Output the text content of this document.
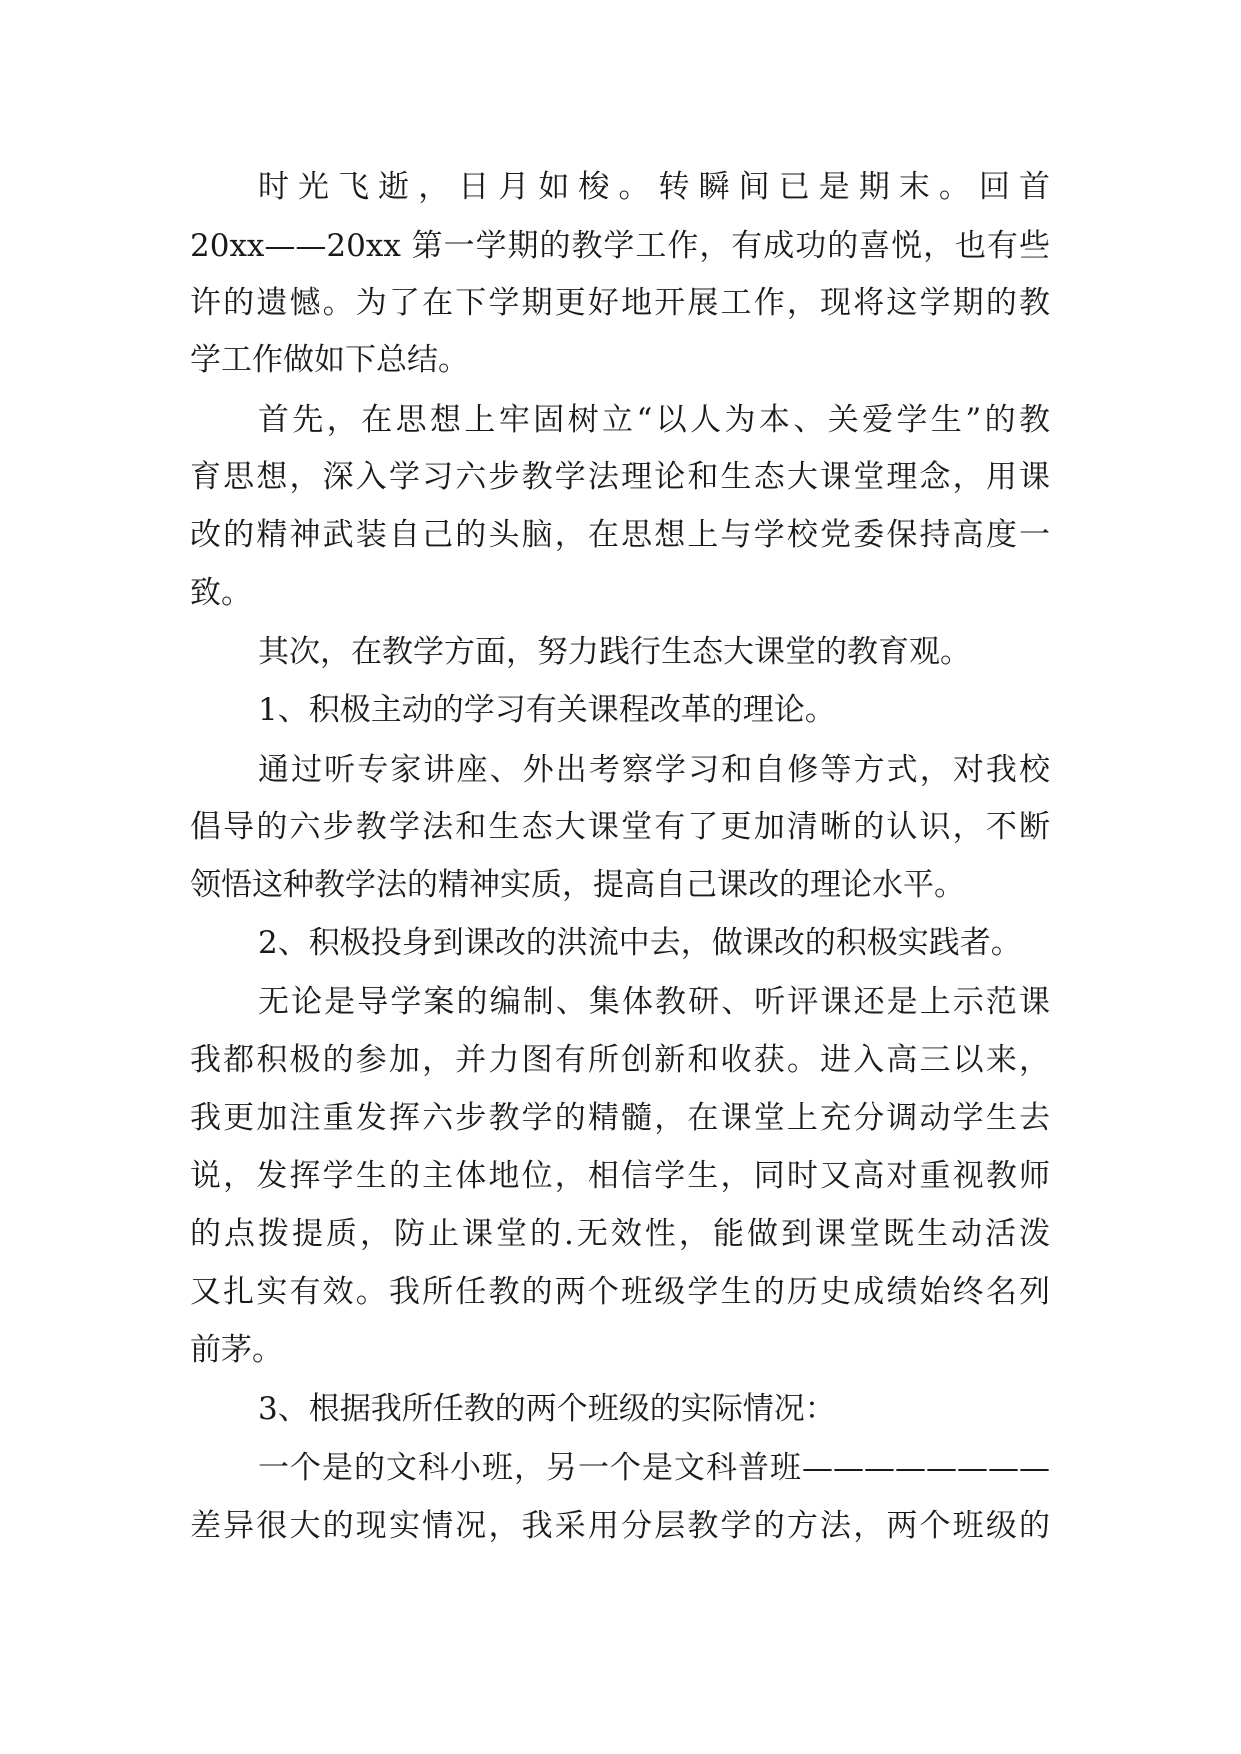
时光飞逝，日月如梭。转瞬间已是期末。回首
20xx——20xx 第一学期的教学工作，有成功的喜悦，也有些
许的遗憾。为了在下学期更好地开展工作，现将这学期的教
学工作做如下总结。
首先，在思想上牢固树立“以人为本、关爱学生”的教
育思想，深入学习六步教学法理论和生态大课堂理念，用课
改的精神武装自己的头脑，在思想上与学校党委保持高度一
致。
其次，在教学方面，努力践行生态大课堂的教育观。
1、积极主动的学习有关课程改革的理论。
通过听专家讲座、外出考察学习和自修等方式，对我校
倡导的六步教学法和生态大课堂有了更加清晰的认识，不断
领悟这种教学法的精神实质，提高自己课改的理论水平。
2、积极投身到课改的洪流中去，做课改的积极实践者。
无论是导学案的编制、集体教研、听评课还是上示范课
我都积极的参加，并力图有所创新和收获。进入高三以来，
我更加注重发挥六步教学的精髓，在课堂上充分调动学生去
说，发挥学生的主体地位，相信学生，同时又高对重视教师
的点拨提质，防止课堂的.无效性，能做到课堂既生动活泼
又扎实有效。我所任教的两个班级学生的历史成绩始终名列
前茅。
3、根据我所任教的两个班级的实际情况：
一个是的文科小班，另一个是文科普班————————
差异很大的现实情况，我采用分层教学的方法，两个班级的
